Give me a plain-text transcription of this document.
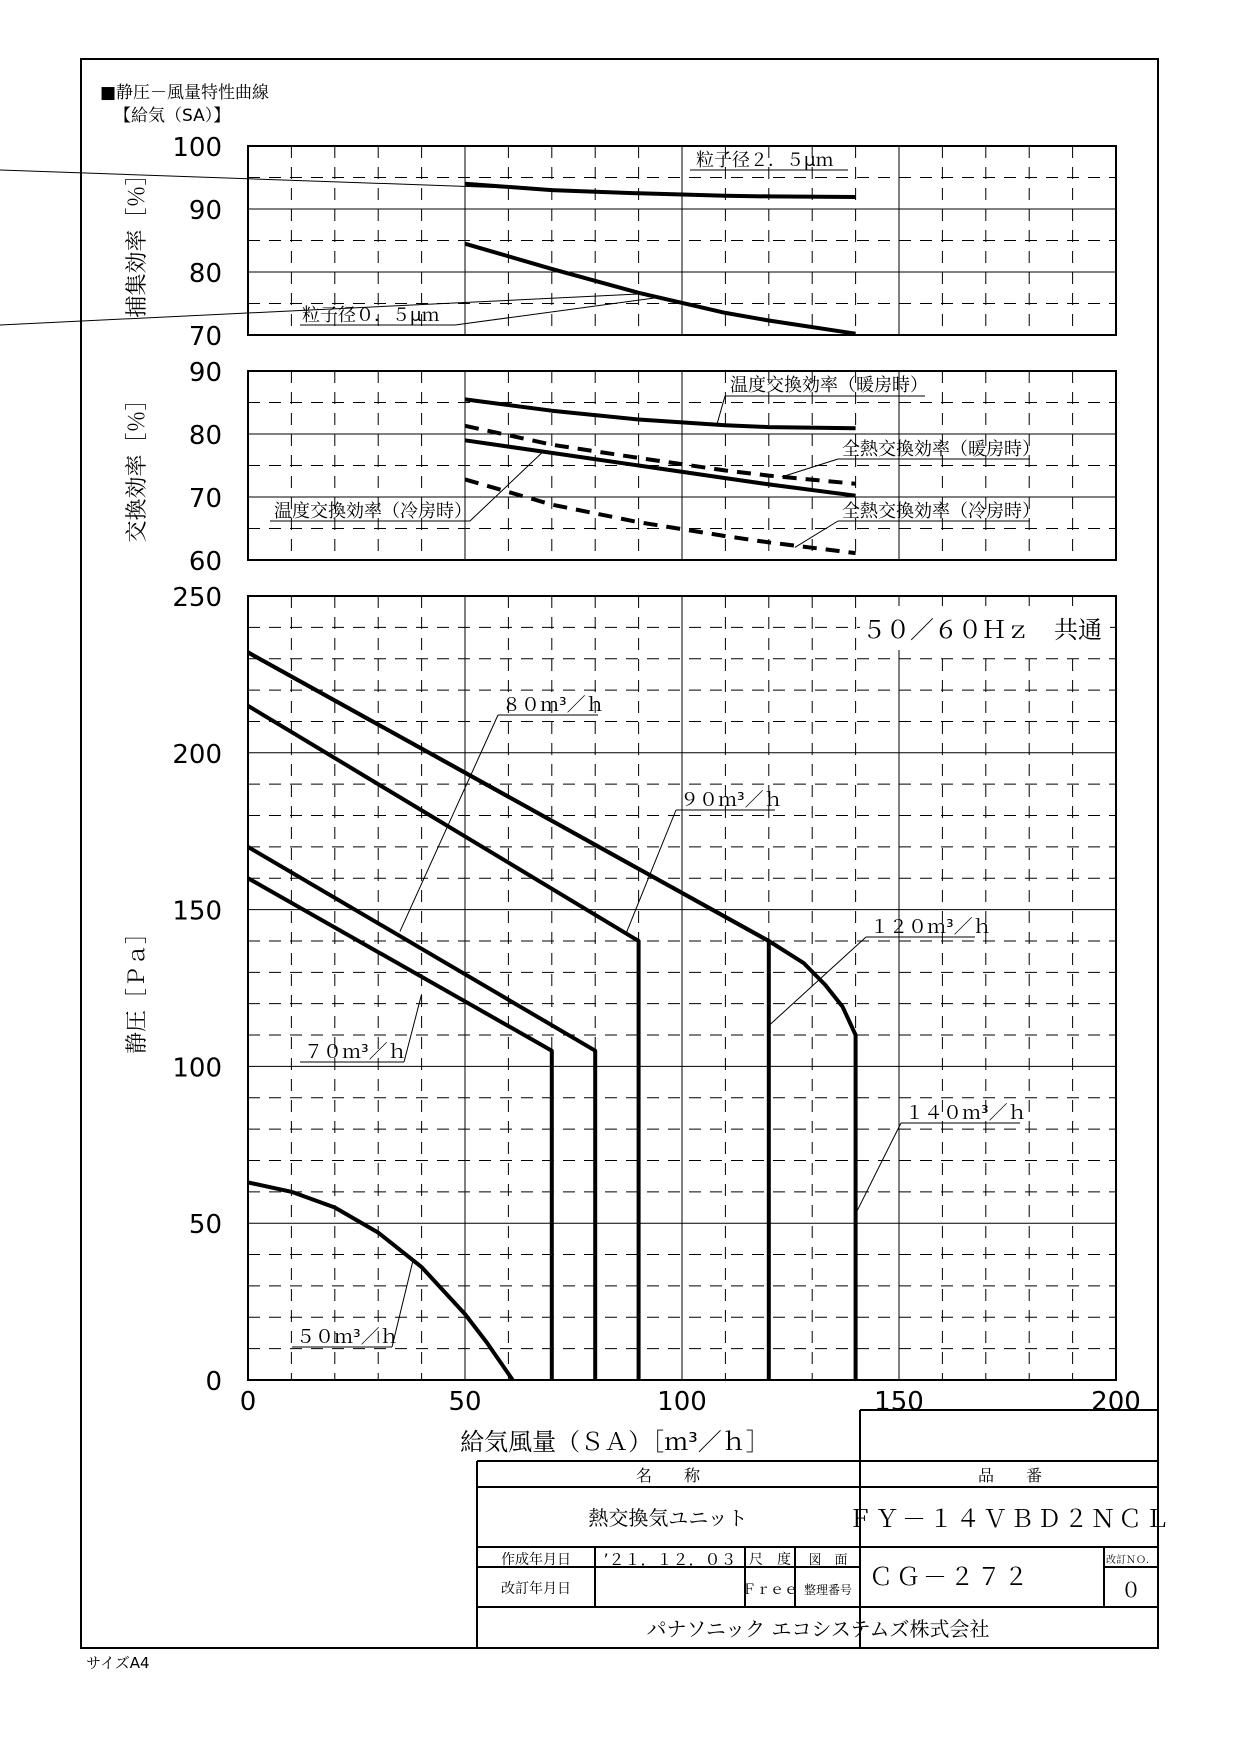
■静圧－風量特性曲線
【給気（SA）】
サイズA4
100
90
80
70
捕集効率［％］
粒子径２．５μｍ
粒子径０．５μｍ
90
80
70
60
交換効率［％］
温度交換効率（暖房時）
全熱交換効率（暖房時）
温度交換効率（冷房時）	全熱交換効率（冷房時）
250
200
150
100
50
0
静圧［Ｐａ］
0	50	100	150	200
給気風量（ＳＡ）［ｍ³／ｈ］
５０／６０Ｈｚ　共通
５０ｍ³／ｈ
７０ｍ³／ｈ
８０ｍ³／ｈ
９０ｍ³／ｈ
１２０ｍ³／ｈ
１４０ｍ³／ｈ
名　　称	品　　番
熱交換気ユニット	ＦＹ－１４ＶＢＤ２ＮＣＬ
作成年月日 ’２１．１２．０３
改訂年月日
尺　度
Ｆｒｅｅ
図　面
整理番号 ＣＧ－２７２
改訂ＮＯ．
０
パナソニック エコシステムズ株式会社
